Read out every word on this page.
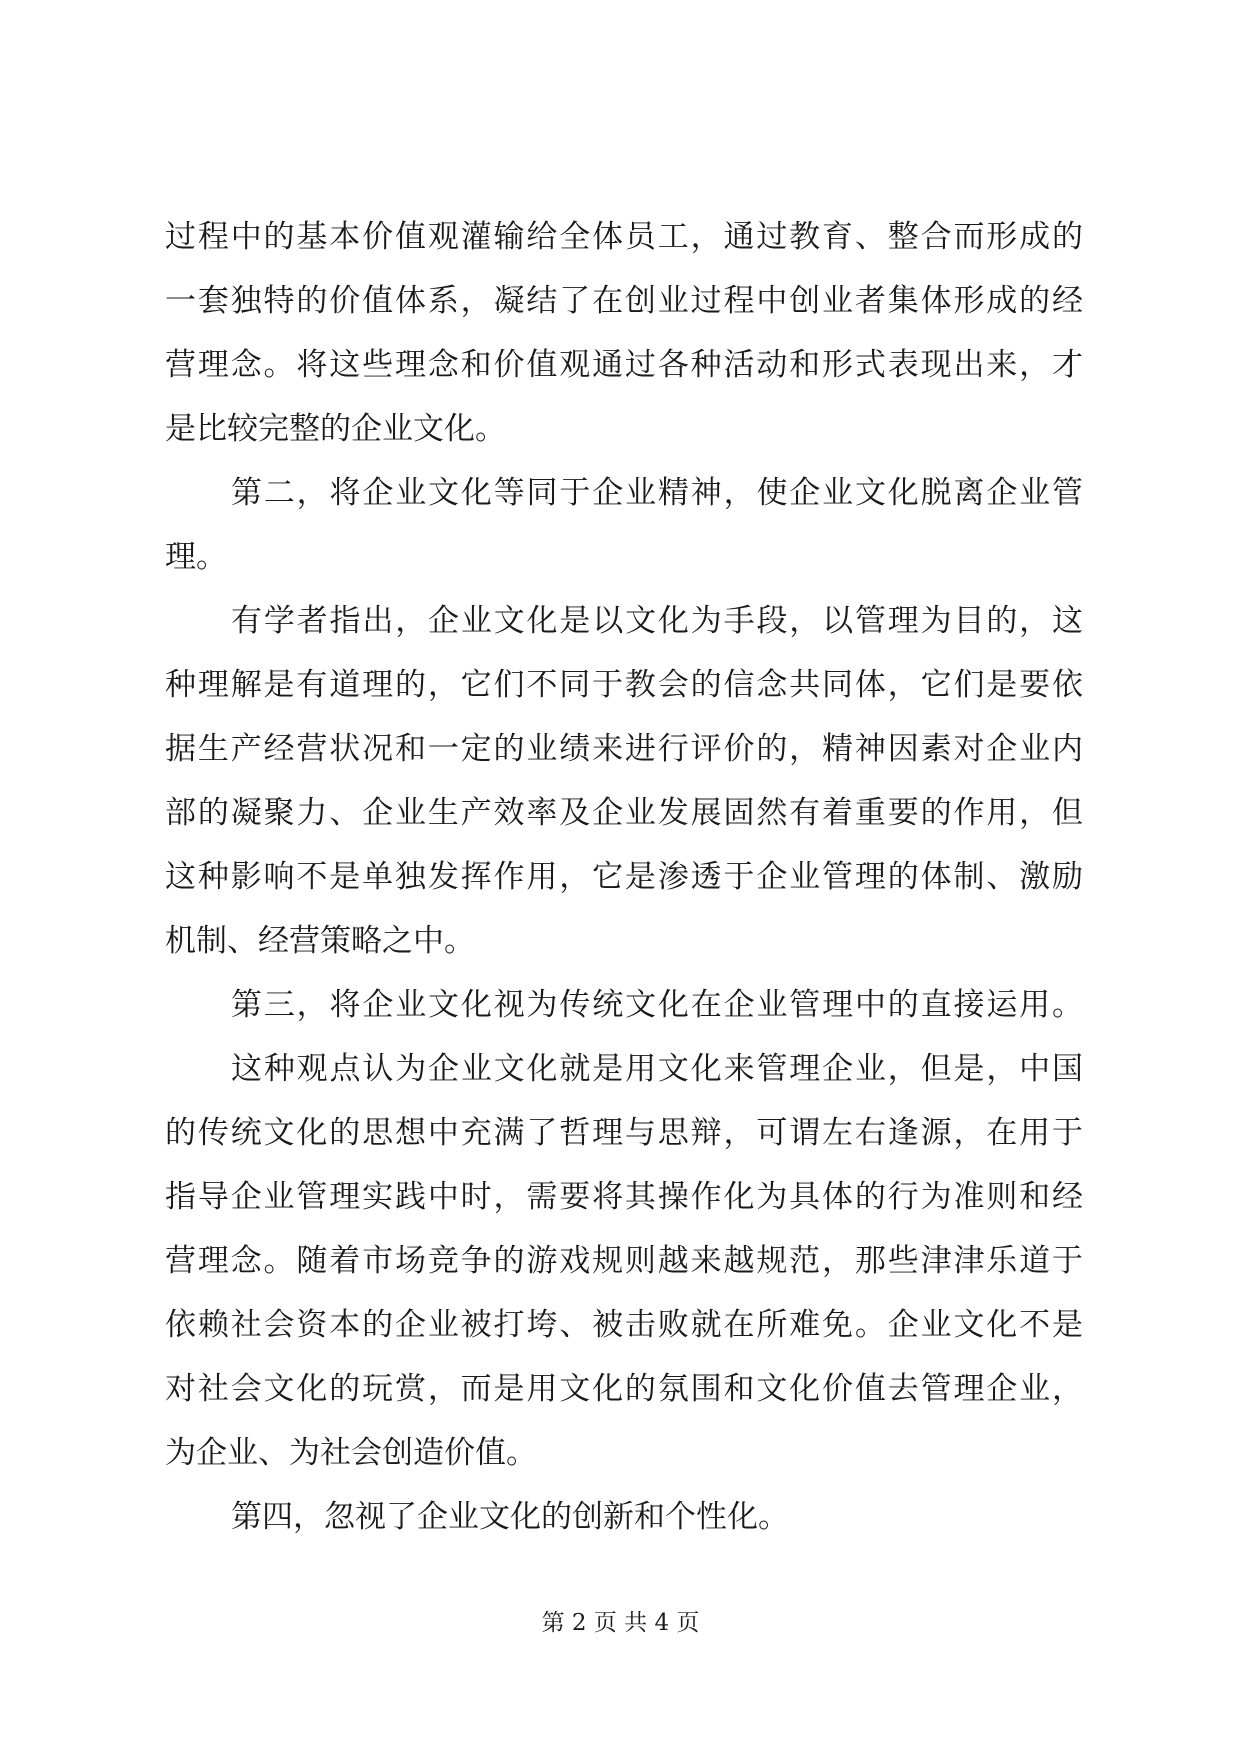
过程中的基本价值观灌输给全体员工，通过教育、整合而形成的
一套独特的价值体系，凝结了在创业过程中创业者集体形成的经
营理念。将这些理念和价值观通过各种活动和形式表现出来，才
是比较完整的企业文化。
第二，将企业文化等同于企业精神，使企业文化脱离企业管
理。
有学者指出，企业文化是以文化为手段，以管理为目的，这
种理解是有道理的，它们不同于教会的信念共同体，它们是要依
据生产经营状况和一定的业绩来进行评价的，精神因素对企业内
部的凝聚力、企业生产效率及企业发展固然有着重要的作用，但
这种影响不是单独发挥作用，它是渗透于企业管理的体制、激励
机制、经营策略之中。
第三，将企业文化视为传统文化在企业管理中的直接运用。
这种观点认为企业文化就是用文化来管理企业，但是，中国
的传统文化的思想中充满了哲理与思辩，可谓左右逢源，在用于
指导企业管理实践中时，需要将其操作化为具体的行为准则和经
营理念。随着市场竞争的游戏规则越来越规范，那些津津乐道于
依赖社会资本的企业被打垮、被击败就在所难免。企业文化不是
对社会文化的玩赏，而是用文化的氛围和文化价值去管理企业，
为企业、为社会创造价值。
第四，忽视了企业文化的创新和个性化。
第 2 页 共 4 页
